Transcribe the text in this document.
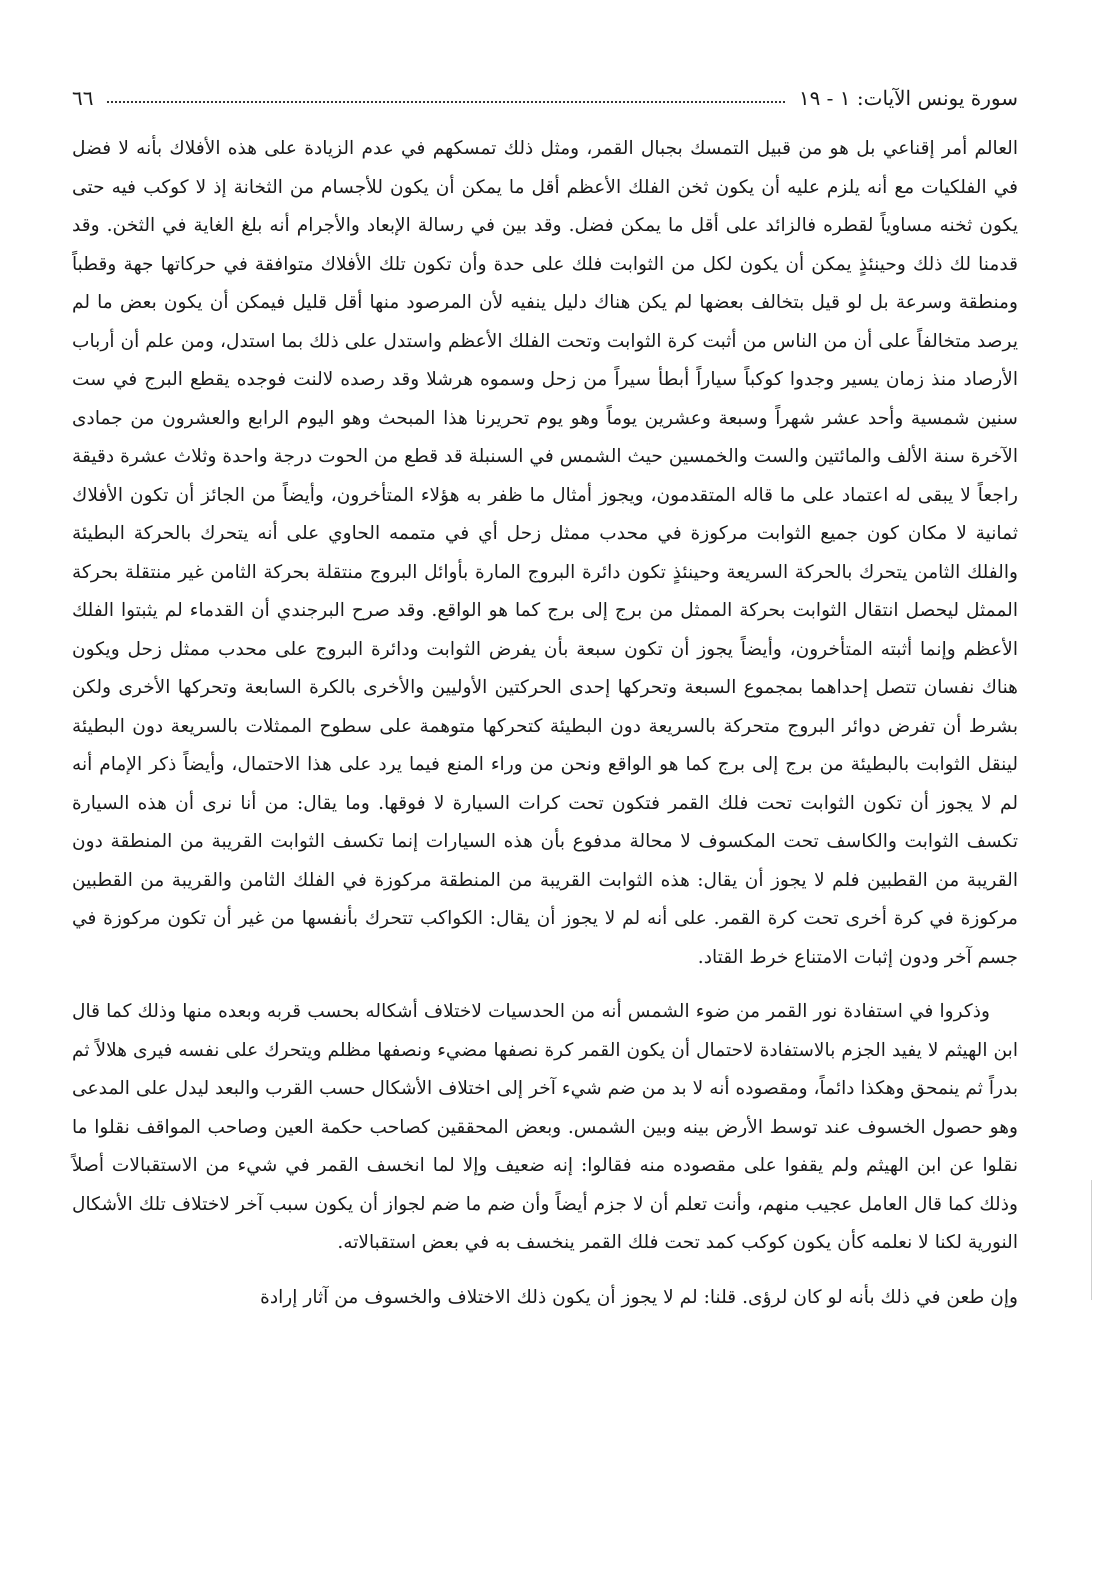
سورة يونس الآيات: ١ - ١٩
٦٦

العالم أمر إقناعي بل هو من قبيل التمسك بجبال القمر، ومثل ذلك تمسكهم في عدم الزيادة على هذه الأفلاك بأنه لا فضل في الفلكيات مع أنه يلزم عليه أن يكون ثخن الفلك الأعظم أقل ما يمكن أن يكون للأجسام من الثخانة إذ لا كوكب فيه حتى يكون ثخنه مساوياً لقطره فالزائد على أقل ما يمكن فضل. وقد بين في رسالة الإبعاد والأجرام أنه بلغ الغاية في الثخن. وقد قدمنا لك ذلك وحينئذٍ يمكن أن يكون لكل من الثوابت فلك على حدة وأن تكون تلك الأفلاك متوافقة في حركاتها جهة وقطباً ومنطقة وسرعة بل لو قيل بتخالف بعضها لم يكن هناك دليل ينفيه لأن المرصود منها أقل قليل فيمكن أن يكون بعض ما لم يرصد متخالفاً على أن من الناس من أثبت كرة الثوابت وتحت الفلك الأعظم واستدل على ذلك بما استدل، ومن علم أن أرباب الأرصاد منذ زمان يسير وجدوا كوكباً سياراً أبطأ سيراً من زحل وسموه هرشلا وقد رصده لالنت فوجده يقطع البرج في ست سنين شمسية وأحد عشر شهراً وسبعة وعشرين يوماً وهو يوم تحريرنا هذا المبحث وهو اليوم الرابع والعشرون من جمادى الآخرة سنة الألف والمائتين والست والخمسين حيث الشمس في السنبلة قد قطع من الحوت درجة واحدة وثلاث عشرة دقيقة راجعاً لا يبقى له اعتماد على ما قاله المتقدمون، ويجوز أمثال ما ظفر به هؤلاء المتأخرون، وأيضاً من الجائز أن تكون الأفلاك ثمانية لا مكان كون جميع الثوابت مركوزة في محدب ممثل زحل أي في متممه الحاوي على أنه يتحرك بالحركة البطيئة والفلك الثامن يتحرك بالحركة السريعة وحينئذٍ تكون دائرة البروج المارة بأوائل البروج منتقلة بحركة الثامن غير منتقلة بحركة الممثل ليحصل انتقال الثوابت بحركة الممثل من برج إلى برج كما هو الواقع. وقد صرح البرجندي أن القدماء لم يثبتوا الفلك الأعظم وإنما أثبته المتأخرون، وأيضاً يجوز أن تكون سبعة بأن يفرض الثوابت ودائرة البروج على محدب ممثل زحل ويكون هناك نفسان تتصل إحداهما بمجموع السبعة وتحركها إحدى الحركتين الأوليين والأخرى بالكرة السابعة وتحركها الأخرى ولكن بشرط أن تفرض دوائر البروج متحركة بالسريعة دون البطيئة كتحركها متوهمة على سطوح الممثلات بالسريعة دون البطيئة لينقل الثوابت بالبطيئة من برج إلى برج كما هو الواقع ونحن من وراء المنع فيما يرد على هذا الاحتمال، وأيضاً ذكر الإمام أنه لم لا يجوز أن تكون الثوابت تحت فلك القمر فتكون تحت كرات السيارة لا فوقها. وما يقال: من أنا نرى أن هذه السيارة تكسف الثوابت والكاسف تحت المكسوف لا محالة مدفوع بأن هذه السيارات إنما تكسف الثوابت القريبة من المنطقة دون القريبة من القطبين فلم لا يجوز أن يقال: هذه الثوابت القريبة من المنطقة مركوزة في الفلك الثامن والقريبة من القطبين مركوزة في كرة أخرى تحت كرة القمر. على أنه لم لا يجوز أن يقال: الكواكب تتحرك بأنفسها من غير أن تكون مركوزة في جسم آخر ودون إثبات الامتناع خرط القتاد.

وذكروا في استفادة نور القمر من ضوء الشمس أنه من الحدسيات لاختلاف أشكاله بحسب قربه وبعده منها وذلك كما قال ابن الهيثم لا يفيد الجزم بالاستفادة لاحتمال أن يكون القمر كرة نصفها مضيء ونصفها مظلم ويتحرك على نفسه فيرى هلالاً ثم بدراً ثم ينمحق وهكذا دائماً، ومقصوده أنه لا بد من ضم شيء آخر إلى اختلاف الأشكال حسب القرب والبعد ليدل على المدعى وهو حصول الخسوف عند توسط الأرض بينه وبين الشمس. وبعض المحققين كصاحب حكمة العين وصاحب المواقف نقلوا ما نقلوا عن ابن الهيثم ولم يقفوا على مقصوده منه فقالوا: إنه ضعيف وإلا لما انخسف القمر في شيء من الاستقبالات أصلاً وذلك كما قال العامل عجيب منهم، وأنت تعلم أن لا جزم أيضاً وأن ضم ما ضم لجواز أن يكون سبب آخر لاختلاف تلك الأشكال النورية لكنا لا نعلمه كأن يكون كوكب كمد تحت فلك القمر ينخسف به في بعض استقبالاته.

وإن طعن في ذلك بأنه لو كان لرؤى. قلنا: لم لا يجوز أن يكون ذلك الاختلاف والخسوف من آثار إرادة
